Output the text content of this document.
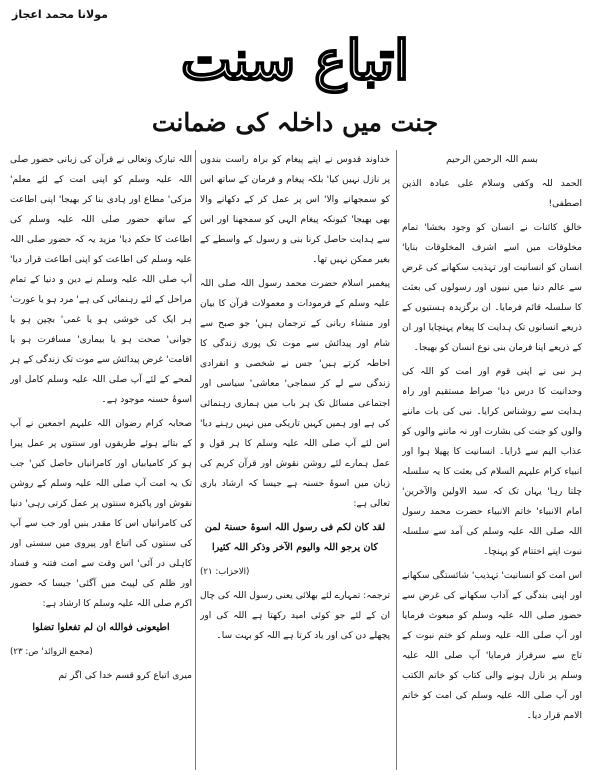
مولانا محمد اعجاز
اتباع سنت
جنت میں داخلہ کی ضمانت

بسم اللہ الرحمن الرحیم

الحمد للہ وکفی وسلام علی عبادہ الذین اصطفی!

خالق کائنات نے انسان کو وجود بخشا' تمام مخلوقات میں اسے اشرف المخلوقات بنایا' انسان کو انسانیت اور تہذیب سکھانے کی غرض سے عالم دنیا میں نبیوں اور رسولوں کی بعثت کا سلسلہ قائم فرمایا۔ ان برگزیدہ ہستیوں کے ذریعے انسانوں تک ہدایت کا پیغام پہنچایا اور ان کے ذریعے اپنا فرمان بنی نوع انسان کو بھیجا۔

ہر نبی نے اپنی قوم اور امت کو اللہ کی وحدانیت کا درس دیا' صراط مستقیم اور راہ ہدایت سے روشناس کرایا۔ نبی کی بات ماننے والوں کو جنت کی بشارت اور نہ ماننے والوں کو عذاب الیم سے ڈرایا۔ انسانیت کا پھیلا ہوا اور انبیاء کرام علیہم السلام کی بعثت کا یہ سلسلہ چلتا رہا' یہاں تک کہ سید الاولین والآخرین' امام الانبیاء' خاتم الانبیاء حضرت محمد رسول اللہ صلی اللہ علیہ وسلم کی آمد سے سلسلہ نبوت اپنے اختتام کو پہنچا۔

اس امت کو انسانیت' تہذیب' شائستگی سکھانے اور اپنی بندگی کے آداب سکھانے کی غرض سے حضور صلی اللہ علیہ وسلم کو مبعوث فرمایا اور آپ صلی اللہ علیہ وسلم کو ختم نبوت کے تاج سے سرفراز فرمایا' آپ صلی اللہ علیہ وسلم پر نازل ہونے والی کتاب کو خاتم الکتب اور آپ صلی اللہ علیہ وسلم کی امت کو خاتم الامم قرار دیا۔

خداوند قدوس نے اپنے پیغام کو براہ راست بندوں پر نازل نہیں کیا' بلکہ پیغام و فرمان کے ساتھ اس کو سمجھانے والا' اس پر عمل کر کے دکھانے والا بھی بھیجا' کیونکہ پیغام الہی کو سمجھنا اور اس سے ہدایت حاصل کرنا بنی و رسول کے واسطے کے بغیر ممکن نہیں تھا۔

پیغمبر اسلام حضرت محمد رسول اللہ صلی اللہ علیہ وسلم کے فرمودات و معمولات قرآن کا بیان اور منشاء ربانی کے ترجمان ہیں' جو صبح سے شام اور پیدائش سے موت تک پوری زندگی کا احاطہ کرتے ہیں' جس نے شخصی و انفرادی زندگی سے لے کر سماجی' معاشی' سیاسی اور اجتماعی مسائل تک ہر باب میں ہماری رہنمائی کی ہے اور ہمیں کہیں تاریکی میں نہیں رہنے دیا' اس لئے آپ صلی اللہ علیہ وسلم کا ہر قول و عمل ہمارے لئے روشن نقوش اور قرآن کریم کی زبان میں اسوۂ حسنہ ہے جیسا کہ ارشاد باری تعالی ہے:

لقد کان لکم فی رسول اللہ اسوۃ حسنۃ لمن کان یرجو اللہ والیوم الآخر وذکر اللہ کثیرا

(الاحزاب: ۲۱)

ترجمہ: تمہارے لئے بھلائی یعنی رسول اللہ کی چال ان کے لئے جو کوئی امید رکھتا ہے اللہ کی اور پچھلے دن کی اور یاد کرتا ہے اللہ کو بہت سا۔

اللہ تبارک وتعالی نے قرآن کی زبانی حضور صلی اللہ علیہ وسلم کو اپنی امت کے لئے معلم' مزکی' مطاع اور ہادی بنا کر بھیجا' اپنی اطاعت کے ساتھ حضور صلی اللہ علیہ وسلم کی اطاعت کا حکم دیا' مزید یہ کہ حضور صلی اللہ علیہ وسلم کی اطاعت کو اپنی اطاعت قرار دیا' آپ صلی اللہ علیہ وسلم نے دین و دنیا کے تمام مراحل کے لئے رہنمائی کی ہے' مرد ہو یا عورت' ہر ایک کی خوشی ہو یا غمی' بچپن ہو یا جوانی' صحت ہو یا بیماری' مسافرت ہو یا اقامت' غرض پیدائش سے موت تک زندگی کے ہر لمحے کے لئے آپ صلی اللہ علیہ وسلم کامل اور اسوۂ حسنہ موجود ہے۔

صحابہ کرام رضوان اللہ علیہم اجمعین نے آپ کے بتائے ہوئے طریقوں اور سنتوں پر عمل پیرا ہو کر کامیابیاں اور کامرانیاں حاصل کیں' جب تک یہ امت آپ صلی اللہ علیہ وسلم کے روشن نقوش اور پاکیزہ سنتوں پر عمل کرتی رہی' دنیا کی کامرانیاں اس کا مقدر بنیں اور جب سے آپ کی سنتوں کی اتباع اور پیروی میں سستی اور کاہلی در آئی' اس وقت سے امت فتنہ و فساد اور ظلم کی لپیٹ میں آگئی' جیسا کہ حضور اکرم صلی اللہ علیہ وسلم کا ارشاد ہے:

اطیعونی فوالله ان لم تفعلوا تضلوا

(مجمع الزوائد' ص: ۲۳)

میری اتباع کرو قسم خدا کی اگر تم
